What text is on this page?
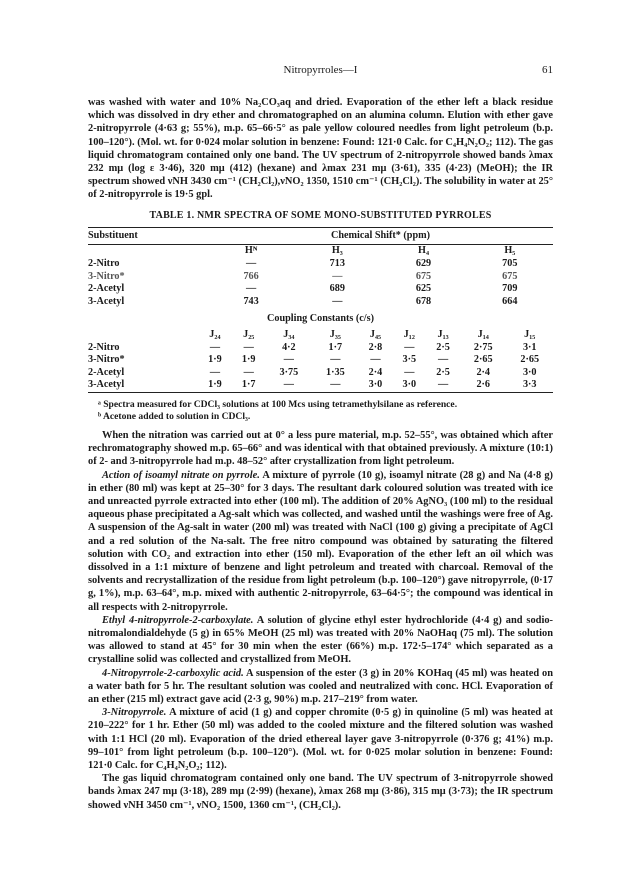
Nitropyrroles—I	61

was washed with water and 10% Na₂CO₃aq and dried. Evaporation of the ether left a black residue which was dissolved in dry ether and chromatographed on an alumina column. Elution with ether gave 2-nitropyrrole (4·63 g; 55%), m.p. 65–66·5° as pale yellow coloured needles from light petroleum (b.p. 100–120°). (Mol. wt. for 0·024 molar solution in benzene: Found: 121·0 Calc. for C₄H₄N₂O₂; 112). The gas liquid chromatogram contained only one band. The UV spectrum of 2-nitropyrrole showed bands λmax 232 mμ (log ε 3·46), 320 mμ (412) (hexane) and λmax 231 mμ (3·61), 335 (4·23) (MeOH); the IR spectrum showed νNH 3430 cm⁻¹ (CH₂Cl₂),νNO₂ 1350, 1510 cm⁻¹ (CH₂Cl₂). The solubility in water at 25° of 2-nitropyrrole is 19·5 gpl.

TABLE 1. NMR SPECTRA OF SOME MONO-SUBSTITUTED PYRROLES
Substituent	Chemical Shift* (ppm)			
	Hᴺ	H₃	H₄	H₅
2-Nitro	—	713	629	705
3-Nitro*	766	—	675	675
2-Acetyl	—	689	625	709
3-Acetyl	743	—	678	664
Coupling Constants (c/s)									
	J₂₄	J₂₅	J₃₄	J₃₅	J₄₅	J₁₂	J₁₃	J₁₄	J₁₅
2-Nitro	—	—	4·2	1·7	2·8	—	2·5	2·75	3·1
3-Nitro*	1·9	1·9	—	—	—	3·5	—	2·65	2·65
2-Acetyl	—	—	3·75	1·35	2·4	—	2·5	2·4	3·0
3-Acetyl	1·9	1·7	—	—	3·0	3·0	—	2·6	3·3
ᵃ Spectra measured for CDCl₃ solutions at 100 Mcs using tetramethylsilane as reference.
ᵇ Acetone added to solution in CDCl₃.

When the nitration was carried out at 0° a less pure material, m.p. 52–55°, was obtained which after rechromatography showed m.p. 65–66° and was identical with that obtained previously. A mixture (10:1) of 2- and 3-nitropyrrole had m.p. 48–52° after crystallization from light petroleum.

Action of isoamyl nitrate on pyrrole. A mixture of pyrrole (10 g), isoamyl nitrate (28 g) and Na (4·8 g) in ether (80 ml) was kept at 25–30° for 3 days. The resultant dark coloured solution was treated with ice and unreacted pyrrole extracted into ether (100 ml). The addition of 20% AgNO₃ (100 ml) to the residual aqueous phase precipitated a Ag-salt which was collected, and washed until the washings were free of Ag. A suspension of the Ag-salt in water (200 ml) was treated with NaCl (100 g) giving a precipitate of AgCl and a red solution of the Na-salt. The free nitro compound was obtained by saturating the filtered solution with CO₂ and extraction into ether (150 ml). Evaporation of the ether left an oil which was dissolved in a 1:1 mixture of benzene and light petroleum and treated with charcoal. Removal of the solvents and recrystallization of the residue from light petroleum (b.p. 100–120°) gave nitropyrrole, (0·17 g, 1%), m.p. 63–64°, m.p. mixed with authentic 2-nitropyrrole, 63–64·5°; the compound was identical in all respects with 2-nitropyrrole.

Ethyl 4-nitropyrrole-2-carboxylate. A solution of glycine ethyl ester hydrochloride (4·4 g) and sodio-nitromalondialdehyde (5 g) in 65% MeOH (25 ml) was treated with 20% NaOHaq (75 ml). The solution was allowed to stand at 45° for 30 min when the ester (66%) m.p. 172·5–174° which separated as a crystalline solid was collected and crystallized from MeOH.

4-Nitropyrrole-2-carboxylic acid. A suspension of the ester (3 g) in 20% KOHaq (45 ml) was heated on a water bath for 5 hr. The resultant solution was cooled and neutralized with conc. HCl. Evaporation of an ether (215 ml) extract gave acid (2·3 g, 90%) m.p. 217–219° from water.

3-Nitropyrrole. A mixture of acid (1 g) and copper chromite (0·5 g) in quinoline (5 ml) was heated at 210–222° for 1 hr. Ether (50 ml) was added to the cooled mixture and the filtered solution was washed with 1:1 HCl (20 ml). Evaporation of the dried ethereal layer gave 3-nitropyrrole (0·376 g; 41%) m.p. 99–101° from light petroleum (b.p. 100–120°). (Mol. wt. for 0·025 molar solution in benzene: Found: 121·0 Calc. for C₄H₄N₂O₂; 112).

The gas liquid chromatogram contained only one band. The UV spectrum of 3-nitropyrrole showed bands λmax 247 mμ (3·18), 289 mμ (2·99) (hexane), λmax 268 mμ (3·86), 315 mμ (3·73); the IR spectrum showed νNH 3450 cm⁻¹, νNO₂ 1500, 1360 cm⁻¹, (CH₂Cl₂).
